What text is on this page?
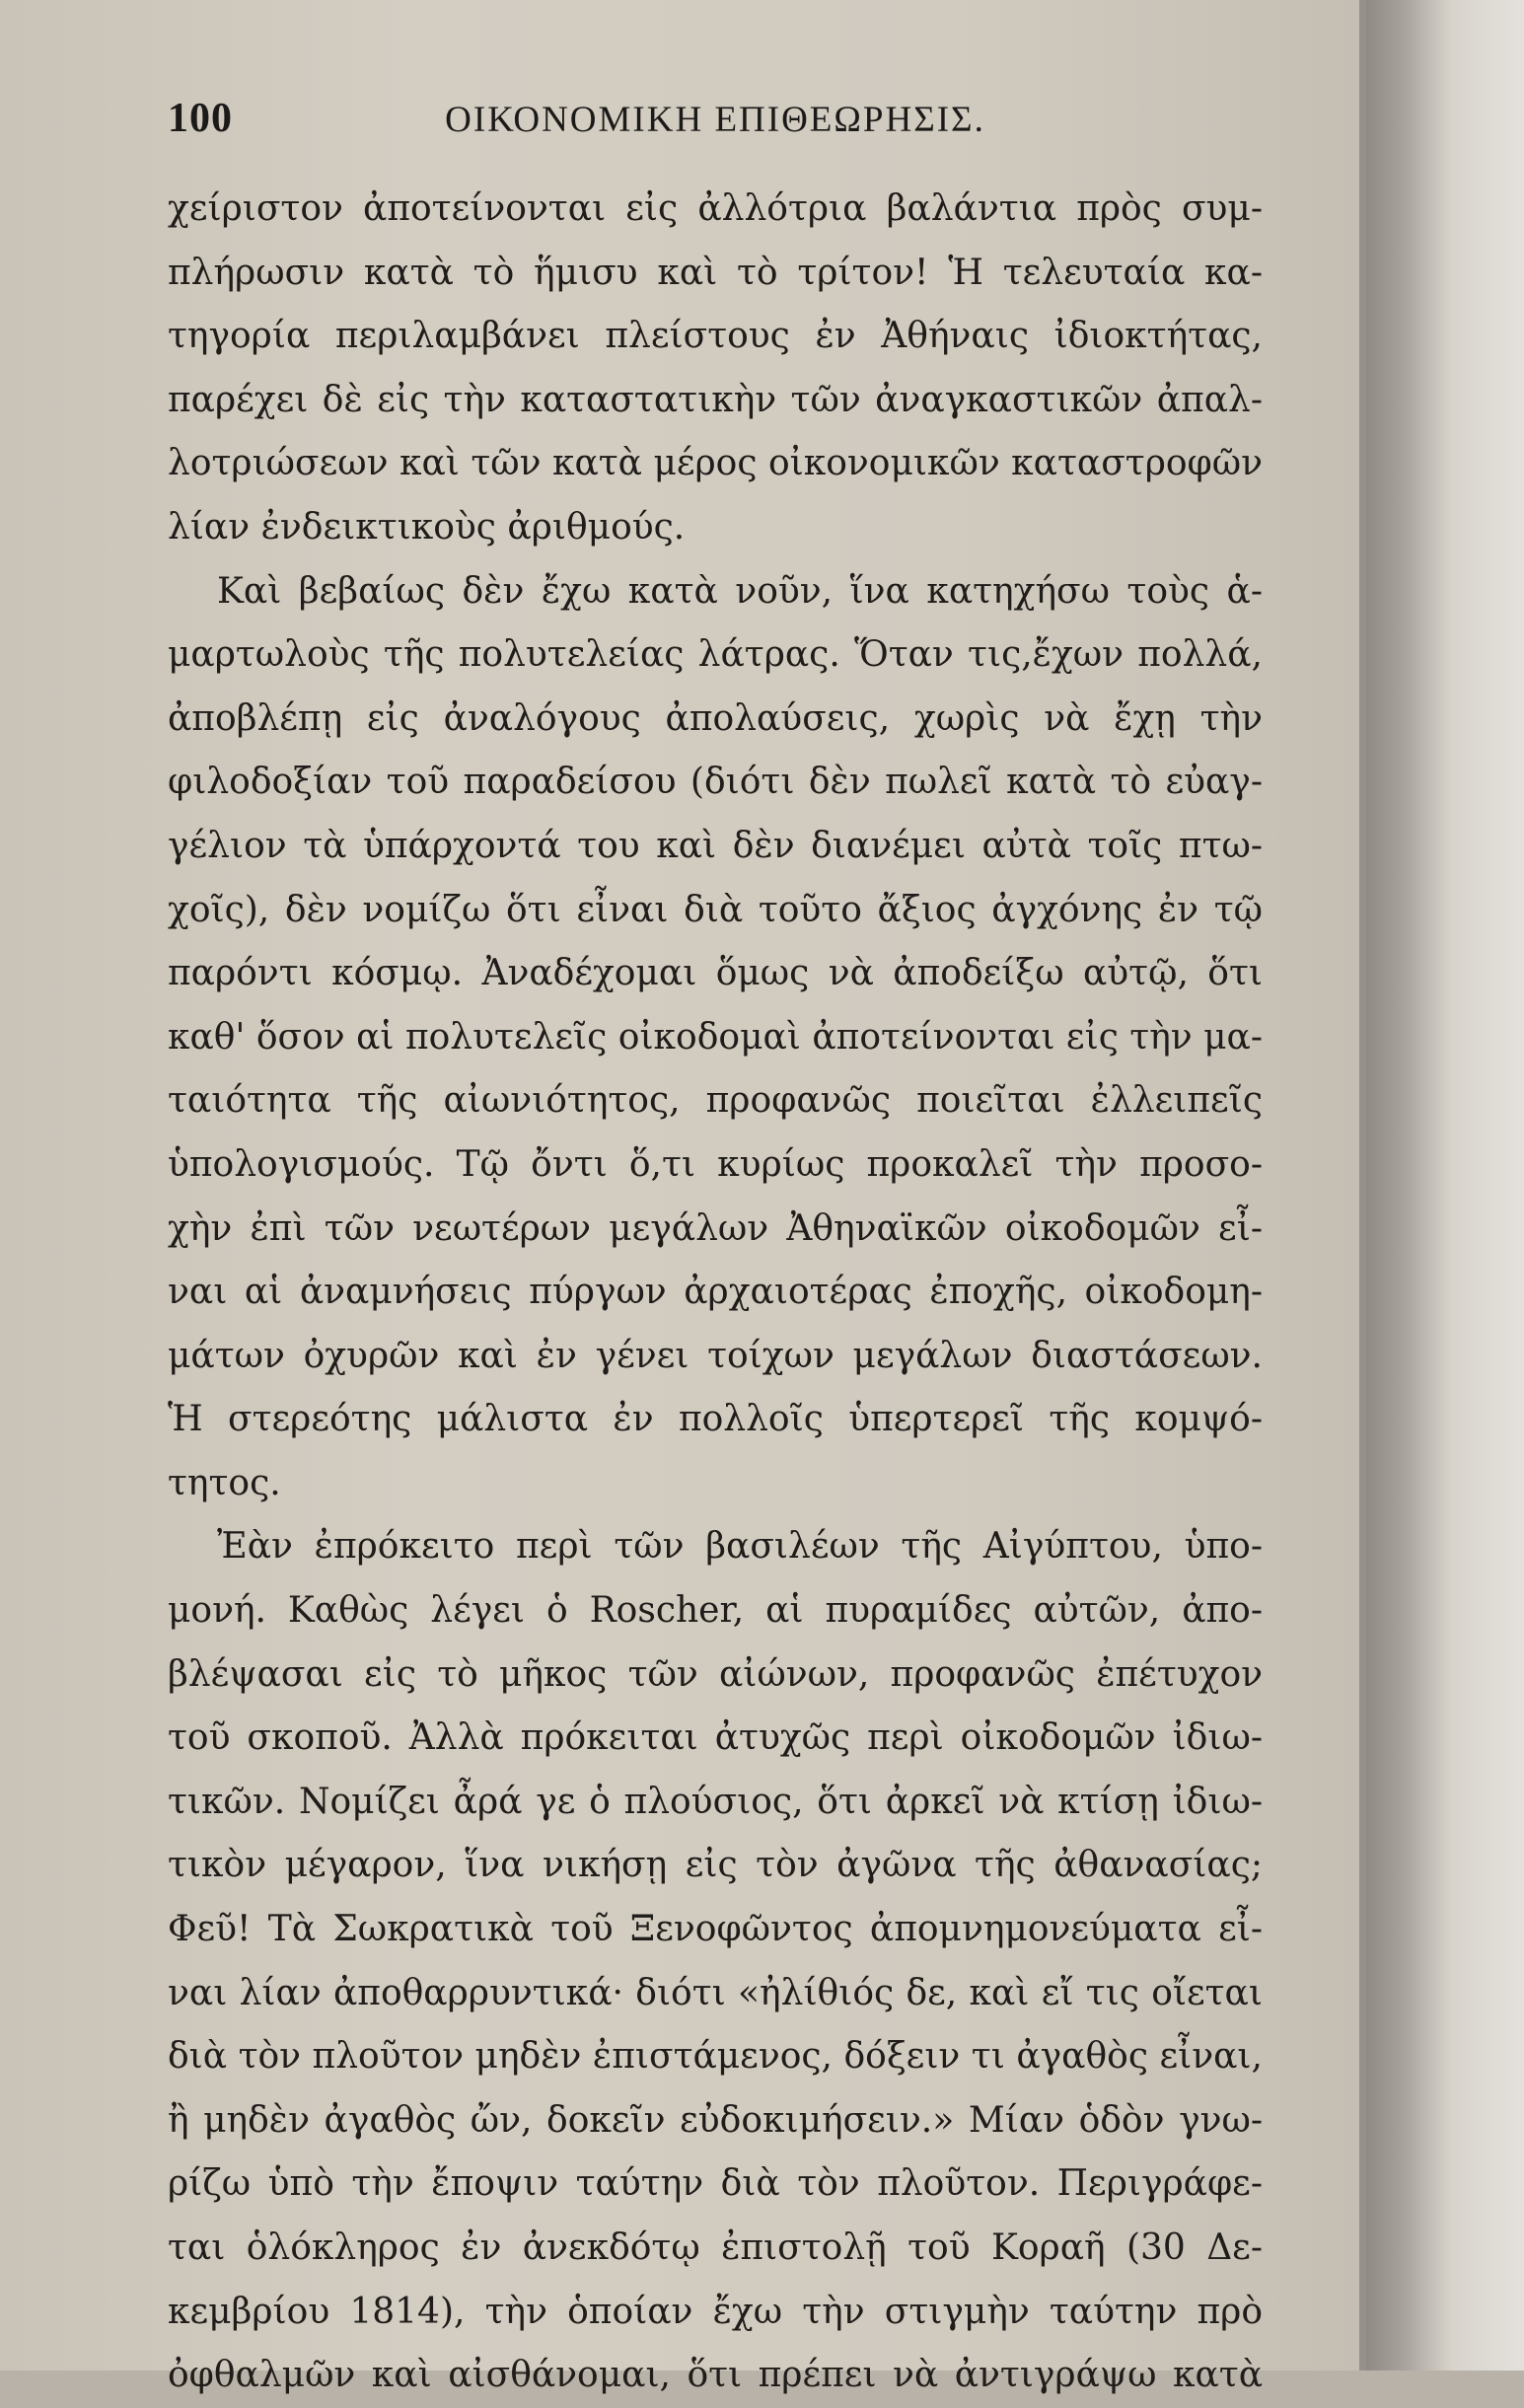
100	ΟΙΚΟΝΟΜΙΚΗ ΕΠΙΘΕΩΡΗΣΙΣ.
χείριστον ἀποτείνονται εἰς ἀλλότρια βαλάντια πρὸς συμ-
πλήρωσιν κατὰ τὸ ἥμισυ καὶ τὸ τρίτον! Ἡ τελευταία κα-
τηγορία περιλαμβάνει πλείστους ἐν Ἀθήναις ἰδιοκτήτας,
παρέχει δὲ εἰς τὴν καταστατικὴν τῶν ἀναγκαστικῶν ἀπαλ-
λοτριώσεων καὶ τῶν κατὰ μέρος οἰκονομικῶν καταστροφῶν
λίαν ἐνδεικτικοὺς ἀριθμούς.
Καὶ βεβαίως δὲν ἔχω κατὰ νοῦν, ἵνα κατηχήσω τοὺς ἁ-
μαρτωλοὺς τῆς πολυτελείας λάτρας. Ὅταν τις,ἔχων πολλά,
ἀποβλέπῃ εἰς ἀναλόγους ἀπολαύσεις, χωρὶς νὰ ἔχῃ τὴν
φιλοδοξίαν τοῦ παραδείσου (διότι δὲν πωλεῖ κατὰ τὸ εὐαγ-
γέλιον τὰ ὑπάρχοντά του καὶ δὲν διανέμει αὐτὰ τοῖς πτω-
χοῖς), δὲν νομίζω ὅτι εἶναι διὰ τοῦτο ἄξιος ἀγχόνης ἐν τῷ
παρόντι κόσμῳ. Ἀναδέχομαι ὅμως νὰ ἀποδείξω αὐτῷ, ὅτι
καθ' ὅσον αἱ πολυτελεῖς οἰκοδομαὶ ἀποτείνονται εἰς τὴν μα-
ταιότητα τῆς αἰωνιότητος, προφανῶς ποιεῖται ἐλλειπεῖς
ὑπολογισμούς. Τῷ ὄντι ὅ,τι κυρίως προκαλεῖ τὴν προσο-
χὴν ἐπὶ τῶν νεωτέρων μεγάλων Ἀθηναϊκῶν οἰκοδομῶν εἶ-
ναι αἱ ἀναμνήσεις πύργων ἀρχαιοτέρας ἐποχῆς, οἰκοδομη-
μάτων ὀχυρῶν καὶ ἐν γένει τοίχων μεγάλων διαστάσεων.
Ἡ στερεότης μάλιστα ἐν πολλοῖς ὑπερτερεῖ τῆς κομψό-
τητος.
Ἐὰν ἐπρόκειτο περὶ τῶν βασιλέων τῆς Αἰγύπτου, ὑπο-
μονή. Καθὼς λέγει ὁ Roscher, αἱ πυραμίδες αὐτῶν, ἀπο-
βλέψασαι εἰς τὸ μῆκος τῶν αἰώνων, προφανῶς ἐπέτυχον
τοῦ σκοποῦ. Ἀλλὰ πρόκειται ἀτυχῶς περὶ οἰκοδομῶν ἰδιω-
τικῶν. Νομίζει ἆρά γε ὁ πλούσιος, ὅτι ἀρκεῖ νὰ κτίσῃ ἰδιω-
τικὸν μέγαρον, ἵνα νικήσῃ εἰς τὸν ἀγῶνα τῆς ἀθανασίας;
Φεῦ! Τὰ Σωκρατικὰ τοῦ Ξενοφῶντος ἀπομνημονεύματα εἶ-
ναι λίαν ἀποθαρρυντικά· διότι «ἠλίθιός δε, καὶ εἴ τις οἴεται
διὰ τὸν πλοῦτον μηδὲν ἐπιστάμενος, δόξειν τι ἀγαθὸς εἶναι,
ἢ μηδὲν ἀγαθὸς ὤν, δοκεῖν εὐδοκιμήσειν.» Μίαν ὁδὸν γνω-
ρίζω ὑπὸ τὴν ἔποψιν ταύτην διὰ τὸν πλοῦτον. Περιγράφε-
ται ὁλόκληρος ἐν ἀνεκδότῳ ἐπιστολῇ τοῦ Κοραῆ (30 Δε-
κεμβρίου 1814), τὴν ὁποίαν ἔχω τὴν στιγμὴν ταύτην πρὸ
ὀφθαλμῶν καὶ αἰσθάνομαι, ὅτι πρέπει νὰ ἀντιγράψω κατὰ
